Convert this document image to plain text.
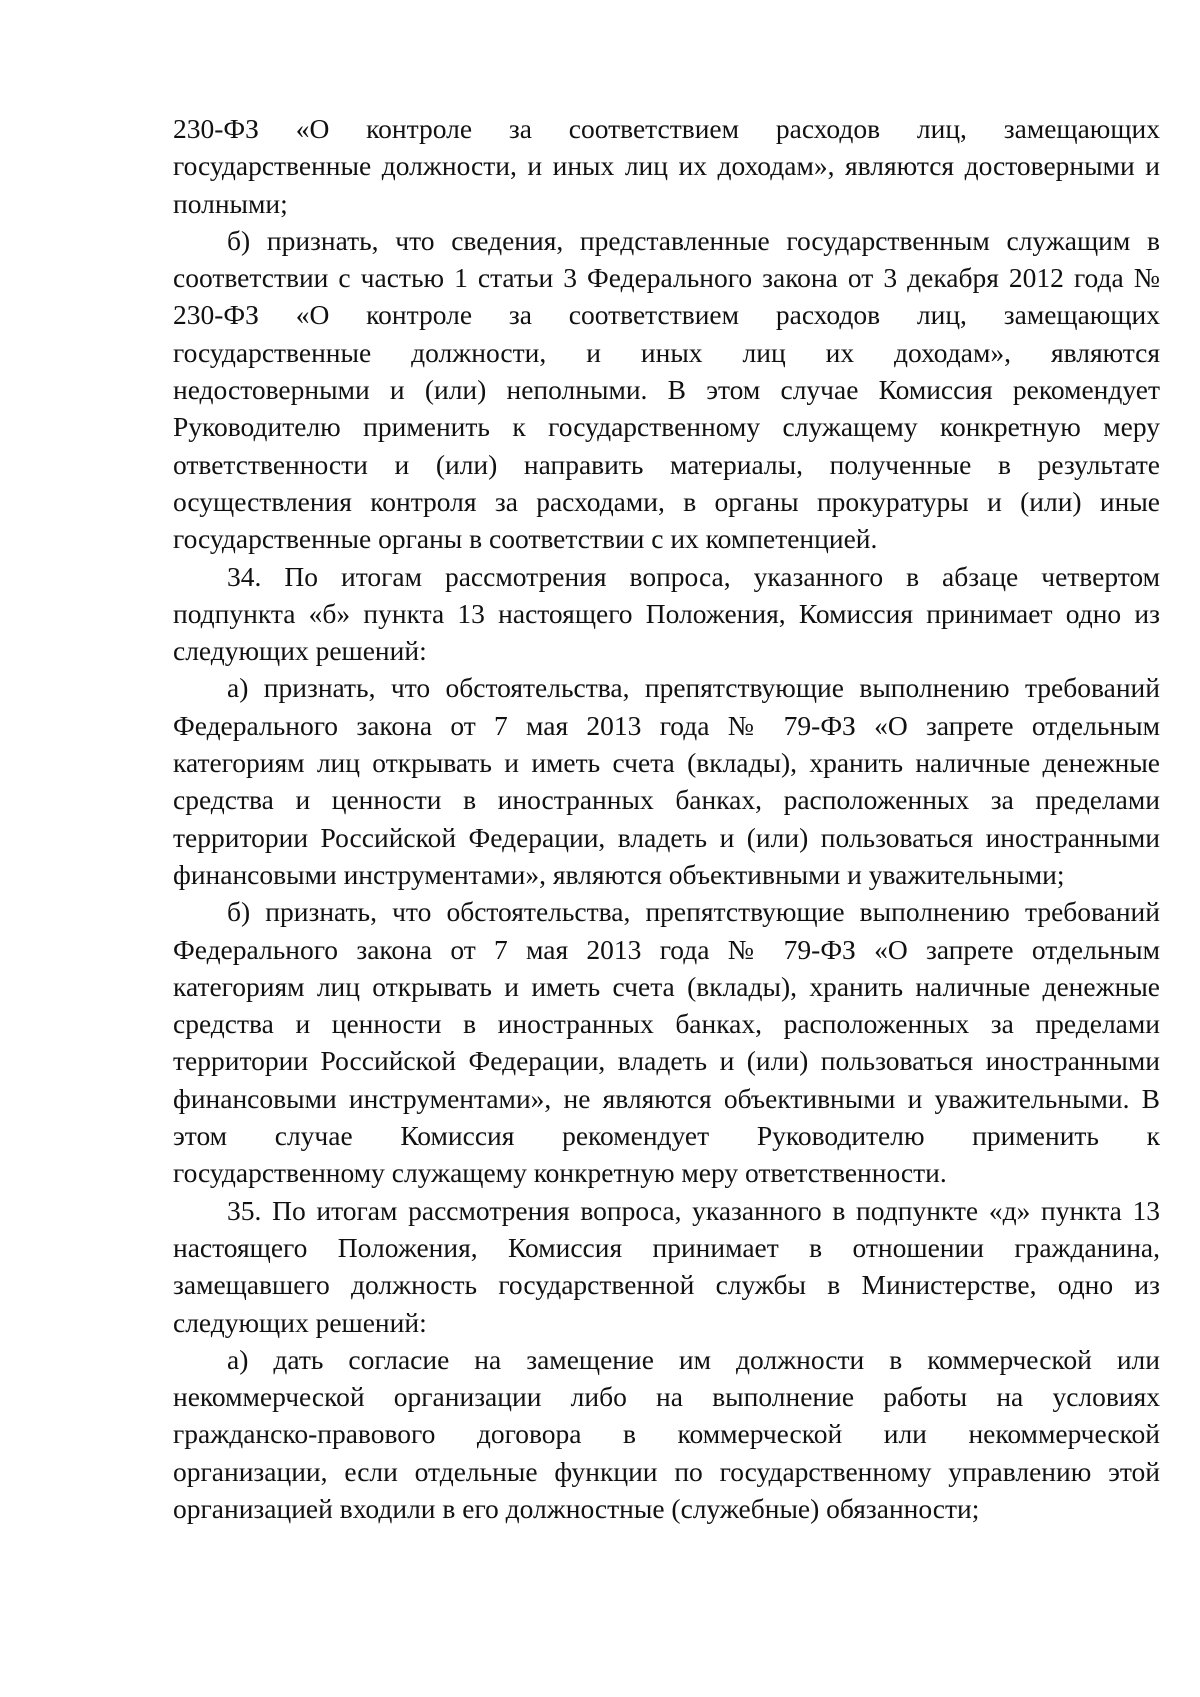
230-ФЗ «О контроле за соответствием расходов лиц, замещающих
государственные должности, и иных лиц их доходам», являются достоверными и
полными;
б) признать, что сведения, представленные государственным служащим в
соответствии с частью 1 статьи 3 Федерального закона от 3 декабря 2012 года №
230-ФЗ «О контроле за соответствием расходов лиц, замещающих
государственные должности, и иных лиц их доходам», являются
недостоверными и (или) неполными. В этом случае Комиссия рекомендует
Руководителю применить к государственному служащему конкретную меру
ответственности и (или) направить материалы, полученные в результате
осуществления контроля за расходами, в органы прокуратуры и (или) иные
государственные органы в соответствии с их компетенцией.
34. По итогам рассмотрения вопроса, указанного в абзаце четвертом
подпункта «б» пункта 13 настоящего Положения, Комиссия принимает одно из
следующих решений:
а) признать, что обстоятельства, препятствующие выполнению требований
Федерального закона от 7 мая 2013 года № 79-ФЗ «О запрете отдельным
категориям лиц открывать и иметь счета (вклады), хранить наличные денежные
средства и ценности в иностранных банках, расположенных за пределами
территории Российской Федерации, владеть и (или) пользоваться иностранными
финансовыми инструментами», являются объективными и уважительными;
б) признать, что обстоятельства, препятствующие выполнению требований
Федерального закона от 7 мая 2013 года № 79-ФЗ «О запрете отдельным
категориям лиц открывать и иметь счета (вклады), хранить наличные денежные
средства и ценности в иностранных банках, расположенных за пределами
территории Российской Федерации, владеть и (или) пользоваться иностранными
финансовыми инструментами», не являются объективными и уважительными. В
этом случае Комиссия рекомендует Руководителю применить к
государственному служащему конкретную меру ответственности.
35. По итогам рассмотрения вопроса, указанного в подпункте «д» пункта 13
настоящего Положения, Комиссия принимает в отношении гражданина,
замещавшего должность государственной службы в Министерстве, одно из
следующих решений:
а) дать согласие на замещение им должности в коммерческой или
некоммерческой организации либо на выполнение работы на условиях
гражданско-правового договора в коммерческой или некоммерческой
организации, если отдельные функции по государственному управлению этой
организацией входили в его должностные (служебные) обязанности;
